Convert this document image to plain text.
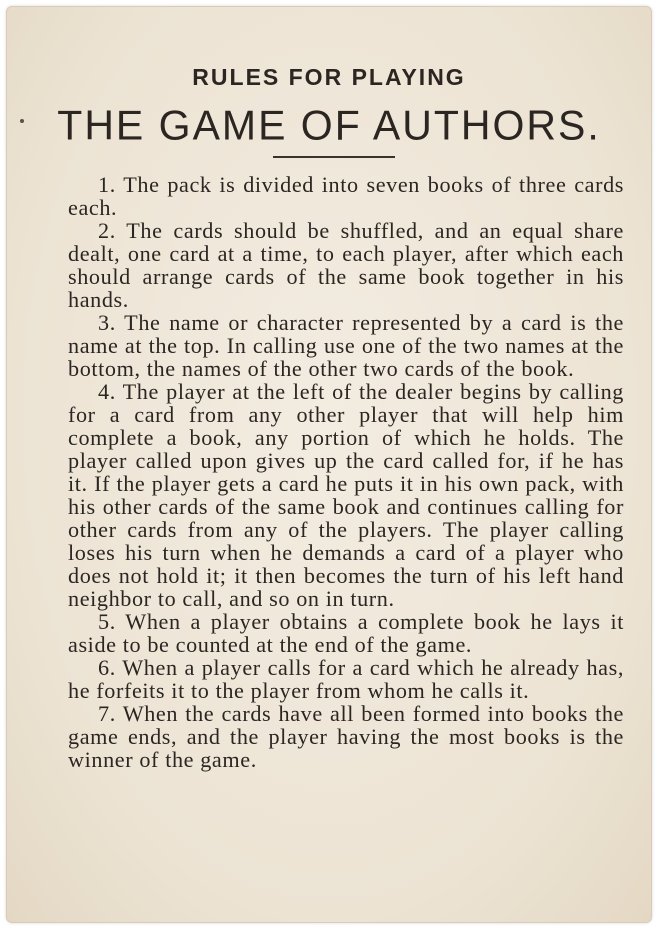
RULES FOR PLAYING
THE GAME OF AUTHORS.

1. The pack is divided into seven books of three cards each.

2. The cards should be shuffled, and an equal share dealt, one card at a time, to each player, after which each should arrange cards of the same book together in his hands.

3. The name or character represented by a card is the name at the top. In calling use one of the two names at the bottom, the names of the other two cards of the book.

4. The player at the left of the dealer begins by calling for a card from any other player that will help him complete a book, any portion of which he holds. The player called upon gives up the card called for, if he has it. If the player gets a card he puts it in his own pack, with his other cards of the same book and continues calling for other cards from any of the players. The player calling loses his turn when he demands a card of a player who does not hold it; it then becomes the turn of his left hand neighbor to call, and so on in turn.

5. When a player obtains a complete book he lays it aside to be counted at the end of the game.

6. When a player calls for a card which he already has, he forfeits it to the player from whom he calls it.

7. When the cards have all been formed into books the game ends, and the player having the most books is the winner of the game.
